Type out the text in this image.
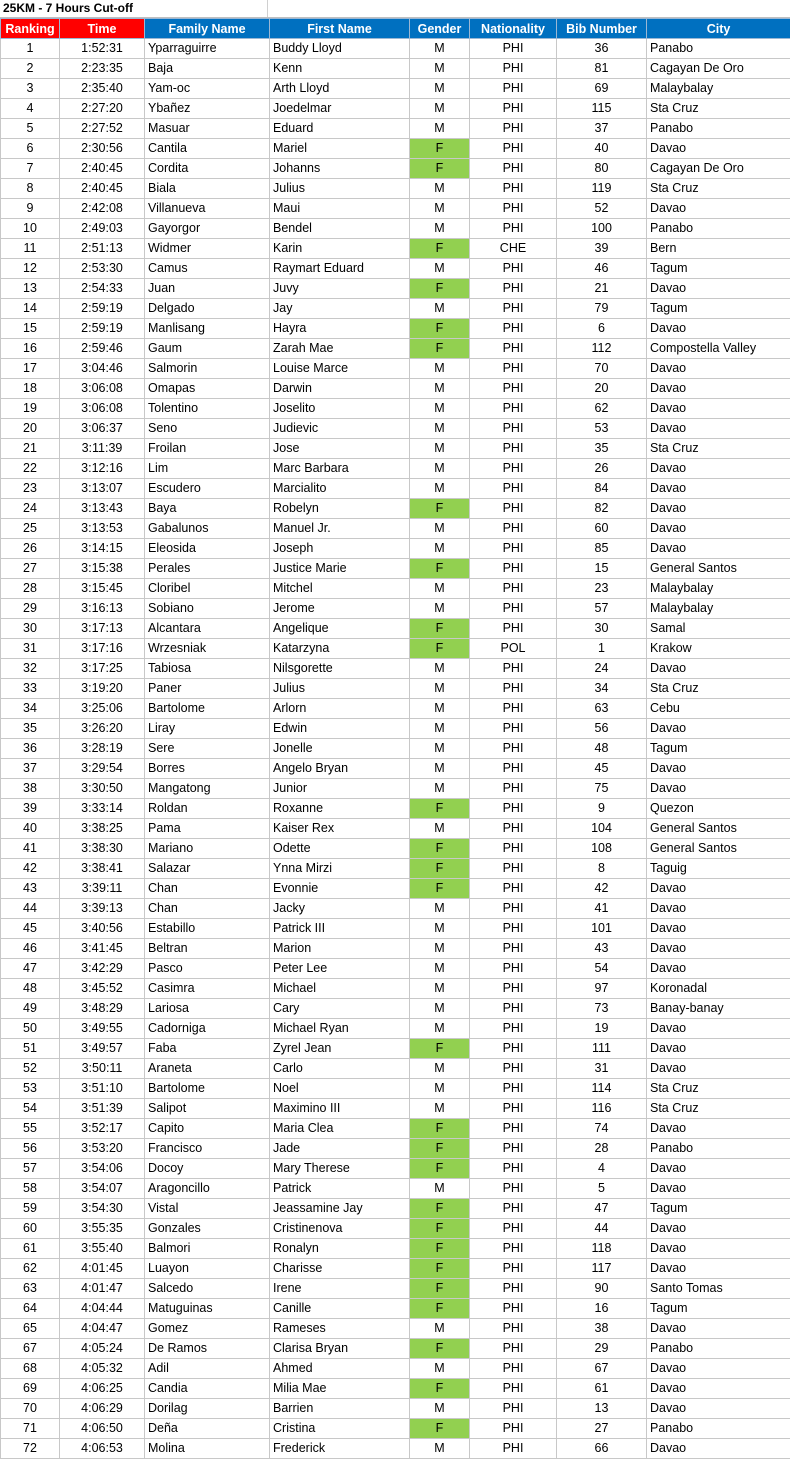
25KM - 7 Hours Cut-off
Ranking	Time	Family Name	First Name	Gender	Nationality	Bib Number	City
1	1:52:31	Yparraguirre	Buddy Lloyd	M	PHI	36	Panabo
2	2:23:35	Baja	Kenn	M	PHI	81	Cagayan De Oro
3	2:35:40	Yam-oc	Arth Lloyd	M	PHI	69	Malaybalay
4	2:27:20	Ybañez	Joedelmar	M	PHI	115	Sta Cruz
5	2:27:52	Masuar	Eduard	M	PHI	37	Panabo
6	2:30:56	Cantila	Mariel	F	PHI	40	Davao
7	2:40:45	Cordita	Johanns	F	PHI	80	Cagayan De Oro
8	2:40:45	Biala	Julius	M	PHI	119	Sta Cruz
9	2:42:08	Villanueva	Maui	M	PHI	52	Davao
10	2:49:03	Gayorgor	Bendel	M	PHI	100	Panabo
11	2:51:13	Widmer	Karin	F	CHE	39	Bern
12	2:53:30	Camus	Raymart Eduard	M	PHI	46	Tagum
13	2:54:33	Juan	Juvy	F	PHI	21	Davao
14	2:59:19	Delgado	Jay	M	PHI	79	Tagum
15	2:59:19	Manlisang	Hayra	F	PHI	6	Davao
16	2:59:46	Gaum	Zarah Mae	F	PHI	112	Compostella Valley
17	3:04:46	Salmorin	Louise Marce	M	PHI	70	Davao
18	3:06:08	Omapas	Darwin	M	PHI	20	Davao
19	3:06:08	Tolentino	Joselito	M	PHI	62	Davao
20	3:06:37	Seno	Judievic	M	PHI	53	Davao
21	3:11:39	Froilan	Jose	M	PHI	35	Sta Cruz
22	3:12:16	Lim	Marc Barbara	M	PHI	26	Davao
23	3:13:07	Escudero	Marcialito	M	PHI	84	Davao
24	3:13:43	Baya	Robelyn	F	PHI	82	Davao
25	3:13:53	Gabalunos	Manuel Jr.	M	PHI	60	Davao
26	3:14:15	Eleosida	Joseph	M	PHI	85	Davao
27	3:15:38	Perales	Justice Marie	F	PHI	15	General Santos
28	3:15:45	Cloribel	Mitchel	M	PHI	23	Malaybalay
29	3:16:13	Sobiano	Jerome	M	PHI	57	Malaybalay
30	3:17:13	Alcantara	Angelique	F	PHI	30	Samal
31	3:17:16	Wrzesniak	Katarzyna	F	POL	1	Krakow
32	3:17:25	Tabiosa	Nilsgorette	M	PHI	24	Davao
33	3:19:20	Paner	Julius	M	PHI	34	Sta Cruz
34	3:25:06	Bartolome	Arlorn	M	PHI	63	Cebu
35	3:26:20	Liray	Edwin	M	PHI	56	Davao
36	3:28:19	Sere	Jonelle	M	PHI	48	Tagum
37	3:29:54	Borres	Angelo Bryan	M	PHI	45	Davao
38	3:30:50	Mangatong	Junior	M	PHI	75	Davao
39	3:33:14	Roldan	Roxanne	F	PHI	9	Quezon
40	3:38:25	Pama	Kaiser Rex	M	PHI	104	General Santos
41	3:38:30	Mariano	Odette	F	PHI	108	General Santos
42	3:38:41	Salazar	Ynna Mirzi	F	PHI	8	Taguig
43	3:39:11	Chan	Evonnie	F	PHI	42	Davao
44	3:39:13	Chan	Jacky	M	PHI	41	Davao
45	3:40:56	Estabillo	Patrick III	M	PHI	101	Davao
46	3:41:45	Beltran	Marion	M	PHI	43	Davao
47	3:42:29	Pasco	Peter Lee	M	PHI	54	Davao
48	3:45:52	Casimra	Michael	M	PHI	97	Koronadal
49	3:48:29	Lariosa	Cary	M	PHI	73	Banay-banay
50	3:49:55	Cadorniga	Michael Ryan	M	PHI	19	Davao
51	3:49:57	Faba	Zyrel Jean	F	PHI	111	Davao
52	3:50:11	Araneta	Carlo	M	PHI	31	Davao
53	3:51:10	Bartolome	Noel	M	PHI	114	Sta Cruz
54	3:51:39	Salipot	Maximino III	M	PHI	116	Sta Cruz
55	3:52:17	Capito	Maria Clea	F	PHI	74	Davao
56	3:53:20	Francisco	Jade	F	PHI	28	Panabo
57	3:54:06	Docoy	Mary Therese	F	PHI	4	Davao
58	3:54:07	Aragoncillo	Patrick	M	PHI	5	Davao
59	3:54:30	Vistal	Jeassamine Jay	F	PHI	47	Tagum
60	3:55:35	Gonzales	Cristinenova	F	PHI	44	Davao
61	3:55:40	Balmori	Ronalyn	F	PHI	118	Davao
62	4:01:45	Luayon	Charisse	F	PHI	117	Davao
63	4:01:47	Salcedo	Irene	F	PHI	90	Santo Tomas
64	4:04:44	Matuguinas	Canille	F	PHI	16	Tagum
65	4:04:47	Gomez	Rameses	M	PHI	38	Davao
67	4:05:24	De Ramos	Clarisa Bryan	F	PHI	29	Panabo
68	4:05:32	Adil	Ahmed	M	PHI	67	Davao
69	4:06:25	Candia	Milia Mae	F	PHI	61	Davao
70	4:06:29	Dorilag	Barrien	M	PHI	13	Davao
71	4:06:50	Deña	Cristina	F	PHI	27	Panabo
72	4:06:53	Molina	Frederick	M	PHI	66	Davao
